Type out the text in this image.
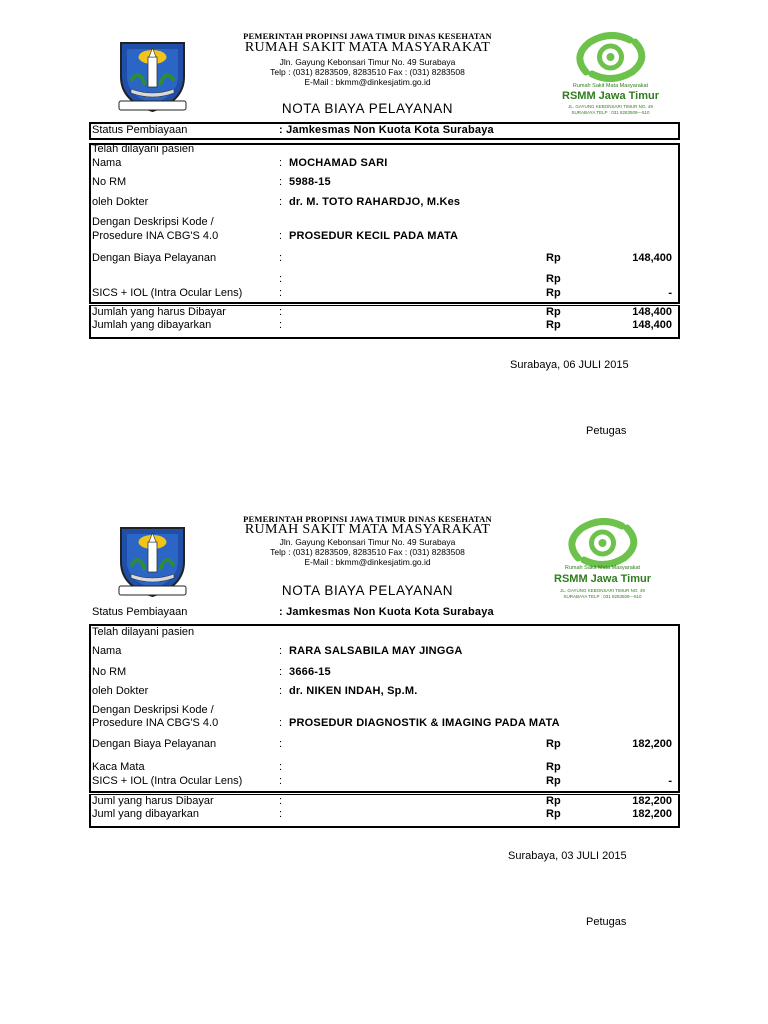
PEMERINTAH PROPINSI JAWA TIMUR DINAS KESEHATAN
RUMAH SAKIT MATA MASYARAKAT
Jln. Gayung Kebonsari Timur No. 49 Surabaya
Telp : (031) 8283509, 8283510 Fax : (031) 8283508
E-Mail : bkmm@dinkesjatim.go.id	Rumah Sakit Mata Masyarakat
RSMM Jawa Timur
JL. GAYUNG KEBONSARI TIMUR NO. 49
SURABAYA TELP : 031 8283509---510
NOTA BIAYA PELAYANAN
Status Pembiayaan	: Jamkesmas Non Kuota Kota Surabaya
Telah dilayani pasien
Nama	: MOCHAMAD SARI
No RM	: 5988-15
oleh Dokter	: dr. M. TOTO RAHARDJO, M.Kes
Dengan Deskripsi Kode /
Prosedure INA CBG'S 4.0	: PROSEDUR KECIL PADA MATA
Dengan Biaya Pelayanan	:	Rp	148,400
:	Rp
SICS + IOL (Intra Ocular Lens)	:	Rp	-
Jumlah yang harus Dibayar	:	Rp	148,400
Jumlah yang dibayarkan	:	Rp	148,400
Surabaya, 06 JULI 2015
Petugas
PEMERINTAH PROPINSI JAWA TIMUR DINAS KESEHATAN
RUMAH SAKIT MATA MASYARAKAT
Jln. Gayung Kebonsari Timur No. 49 Surabaya
Telp : (031) 8283509, 8283510 Fax : (031) 8283508
E-Mail : bkmm@dinkesjatim.go.id
Rumah Sakit Mata Masyarakat
RSMM Jawa Timur
JL. GAYUNG KEBONSARI TIMUR NO. 49
SURABAYA TELP : 031 8283509---510
NOTA BIAYA PELAYANAN
Status Pembiayaan	: Jamkesmas Non Kuota Kota Surabaya
Telah dilayani pasien
Nama	: RARA SALSABILA MAY JINGGA
No RM	: 3666-15
oleh Dokter	: dr. NIKEN INDAH, Sp.M.
Dengan Deskripsi Kode /
Prosedure INA CBG'S 4.0	: PROSEDUR DIAGNOSTIK & IMAGING PADA MATA
Dengan Biaya Pelayanan	:	Rp	182,200
Kaca Mata	:	Rp
SICS + IOL (Intra Ocular Lens)	:	Rp	-
Juml yang harus Dibayar	:	Rp	182,200
Juml yang dibayarkan	:	Rp	182,200
Surabaya, 03 JULI 2015
Petugas
